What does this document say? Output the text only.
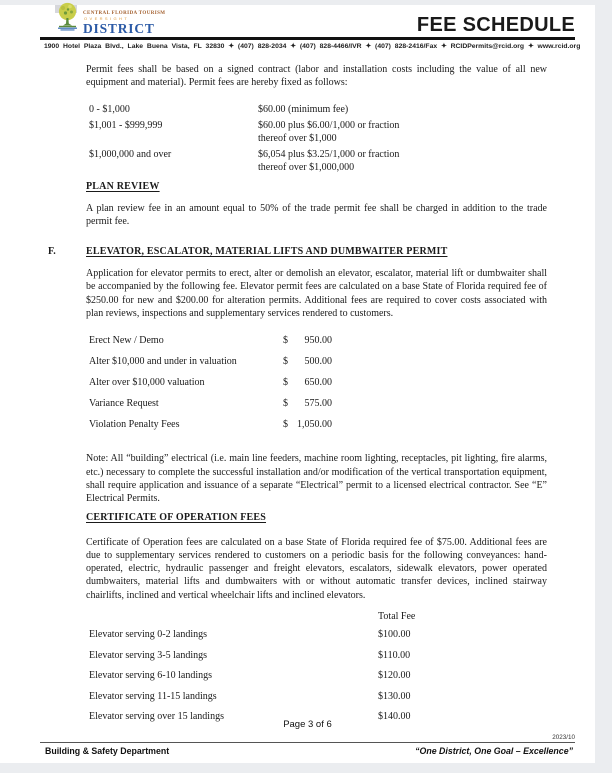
CENTRAL FLORIDA TOURISM
OVERSIGHT
DISTRICT	FEE SCHEDULE
1900 Hotel Plaza Blvd., Lake Buena Vista, FL 32830 ✦ (407) 828-2034 ✦ (407) 828-4466/IVR ✦ (407) 828-2416/Fax ✦ RCIDPermits@rcid.org ✦ www.rcid.org

Permit fees shall be based on a signed contract (labor and installation costs including the value of all new equipment and material). Permit fees are hereby fixed as follows:

0 - $1,000	$60.00 (minimum fee)
$1,001 - $999,999	$60.00 plus $6.00/1,000 or fraction
thereof over $1,000
$1,000,000 and over	$6,054 plus $3.25/1,000 or fraction
thereof over $1,000,000
PLAN REVIEW

A plan review fee in an amount equal to 50% of the trade permit fee shall be charged in addition to the trade permit fee.

F.	ELEVATOR, ESCALATOR, MATERIAL LIFTS AND DUMBWAITER PERMIT

Application for elevator permits to erect, alter or demolish an elevator, escalator, material lift or dumbwaiter shall be accompanied by the following fee. Elevator permit fees are calculated on a base State of Florida required fee of $250.00 for new and $200.00 for alteration permits. Additional fees are required to cover costs associated with plan reviews, inspections and supplementary services rendered to customers.

Erect New / Demo	$	950.00
Alter $10,000 and under in valuation	$	500.00
Alter over $10,000 valuation	$	650.00
Variance Request	$	575.00
Violation Penalty Fees	$ 1,050.00

Note: All “building” electrical (i.e. main line feeders, machine room lighting, receptacles, pit lighting, fire alarms, etc.) necessary to complete the successful installation and/or modification of the vertical transportation equipment, shall require application and issuance of a separate “Electrical” permit to a licensed electrical contractor. See “E” Electrical Permits.

CERTIFICATE OF OPERATION FEES

Certificate of Operation fees are calculated on a base State of Florida required fee of $75.00. Additional fees are due to supplementary services rendered to customers on a periodic basis for the following conveyances: hand-operated, electric, hydraulic passenger and freight elevators, escalators, sidewalk elevators, power operated dumbwaiters, material lifts and dumbwaiters with or without automatic transfer devices, inclined stairway chairlifts, inclined and vertical wheelchair lifts and inclined elevators.

Total Fee
Elevator serving 0-2 landings	$100.00
Elevator serving 3-5 landings	$110.00
Elevator serving 6-10 landings	$120.00
Elevator serving 11-15 landings	$130.00
Elevator serving over 15 landings	$140.00
Page 3 of 6
2023/10
Building & Safety Department	“One District, One Goal – Excellence”
